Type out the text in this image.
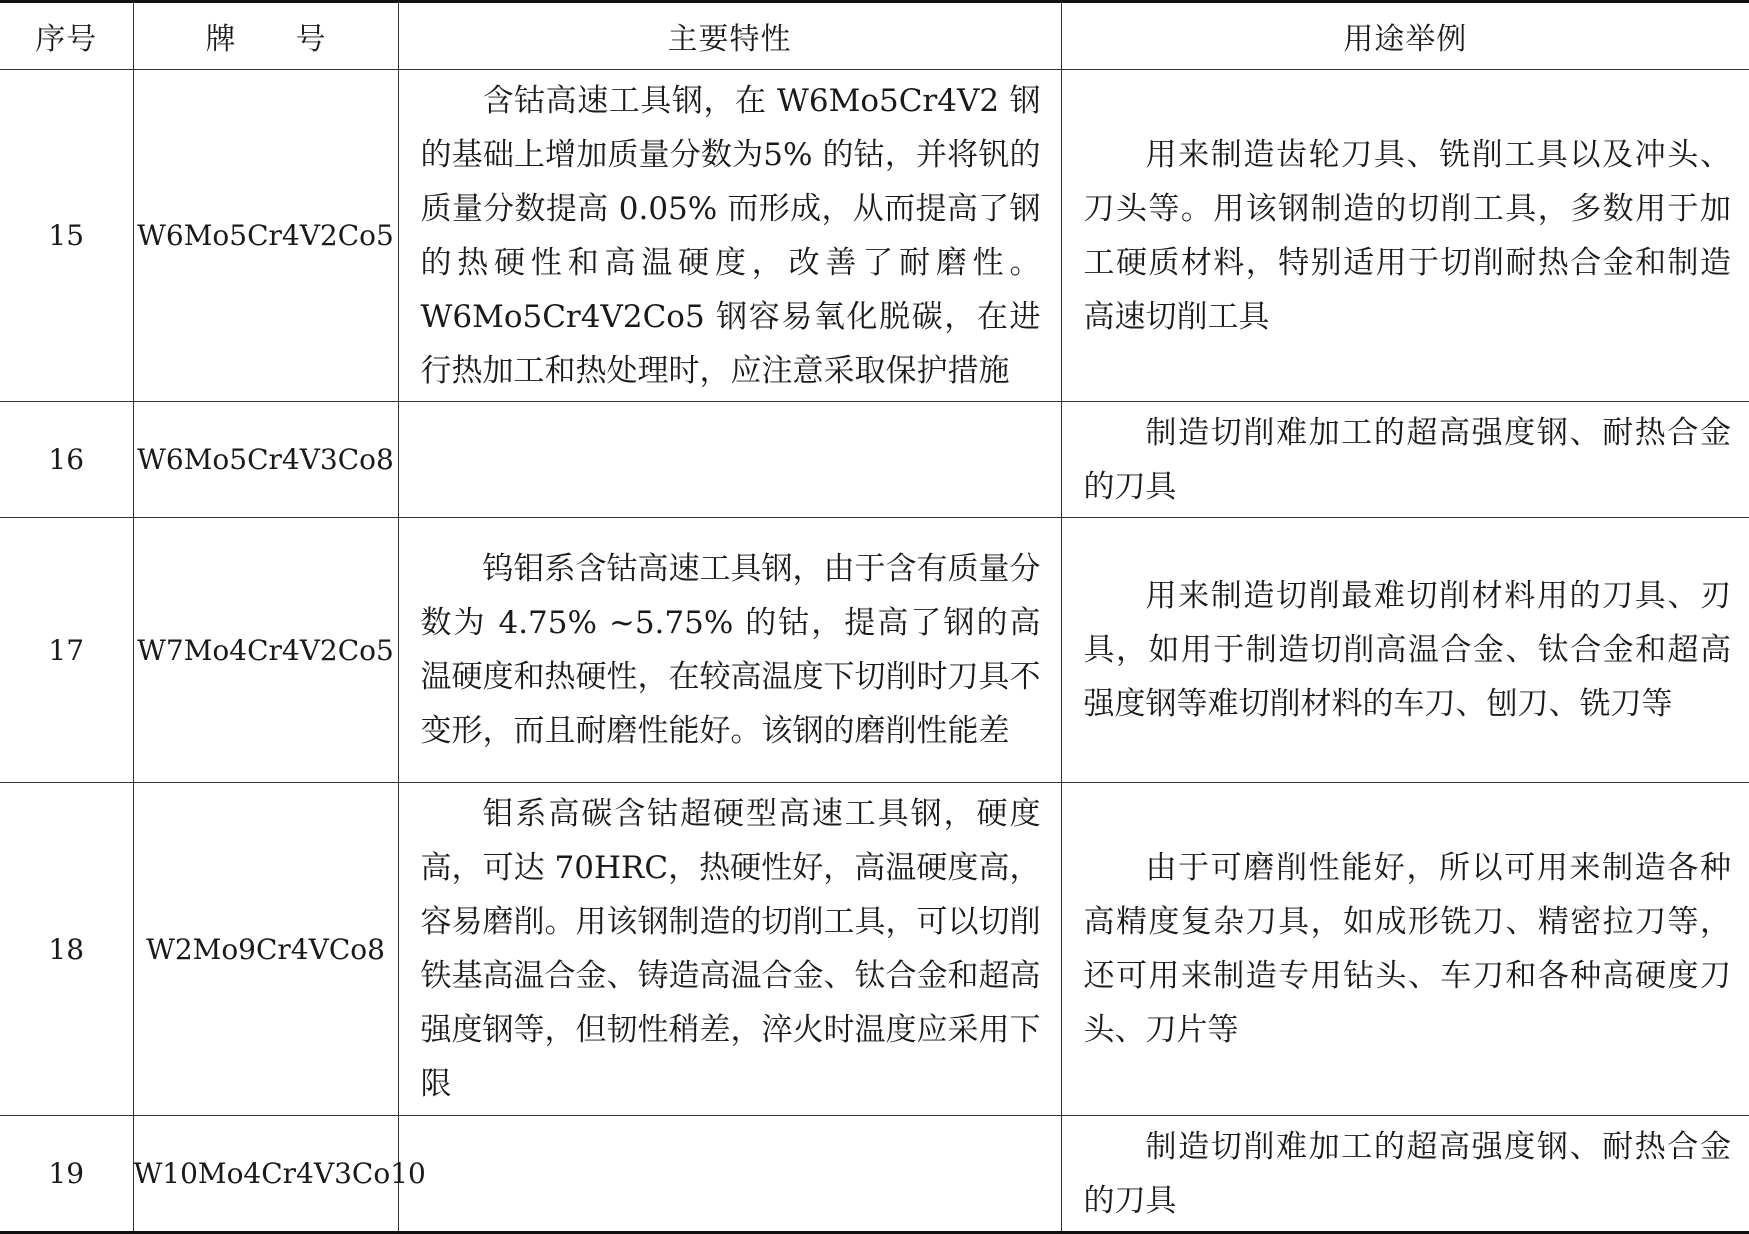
序号	牌号	主要特性	用途举例
15	W6Mo5Cr4V2Co5	含钴高速工具钢，在 W6Mo5Cr4V2 钢的基础上增加质量分数为5% 的钴，并将钒的质量分数提高 0.05% 而形成，从而提高了钢的热硬性和高温硬度，改善了耐磨性。W6Mo5Cr4V2Co5 钢容易氧化脱碳，在进行热加工和热处理时，应注意采取保护措施	用来制造齿轮刀具、铣削工具以及冲头、刀头等。用该钢制造的切削工具，多数用于加工硬质材料，特别适用于切削耐热合金和制造高速切削工具

16	W6Mo5Cr4V3Co8		制造切削难加工的超高强度钢、耐热合金的刀具

17	W7Mo4Cr4V2Co5	钨钼系含钴高速工具钢，由于含有质量分数为 4.75% ~5.75% 的钴，提高了钢的高温硬度和热硬性，在较高温度下切削时刀具不变形，而且耐磨性能好。该钢的磨削性能差	用来制造切削最难切削材料用的刀具、刃具，如用于制造切削高温合金、钛合金和超高强度钢等难切削材料的车刀、刨刀、铣刀等

18	W2Mo9Cr4VCo8	钼系高碳含钴超硬型高速工具钢，硬度高，可达 70HRC，热硬性好，高温硬度高，容易磨削。用该钢制造的切削工具，可以切削铁基高温合金、铸造高温合金、钛合金和超高强度钢等，但韧性稍差，淬火时温度应采用下限	由于可磨削性能好，所以可用来制造各种高精度复杂刀具，如成形铣刀、精密拉刀等，还可用来制造专用钻头、车刀和各种高硬度刀头、刀片等

19	W10Mo4Cr4V3Co10		制造切削难加工的超高强度钢、耐热合金的刀具
